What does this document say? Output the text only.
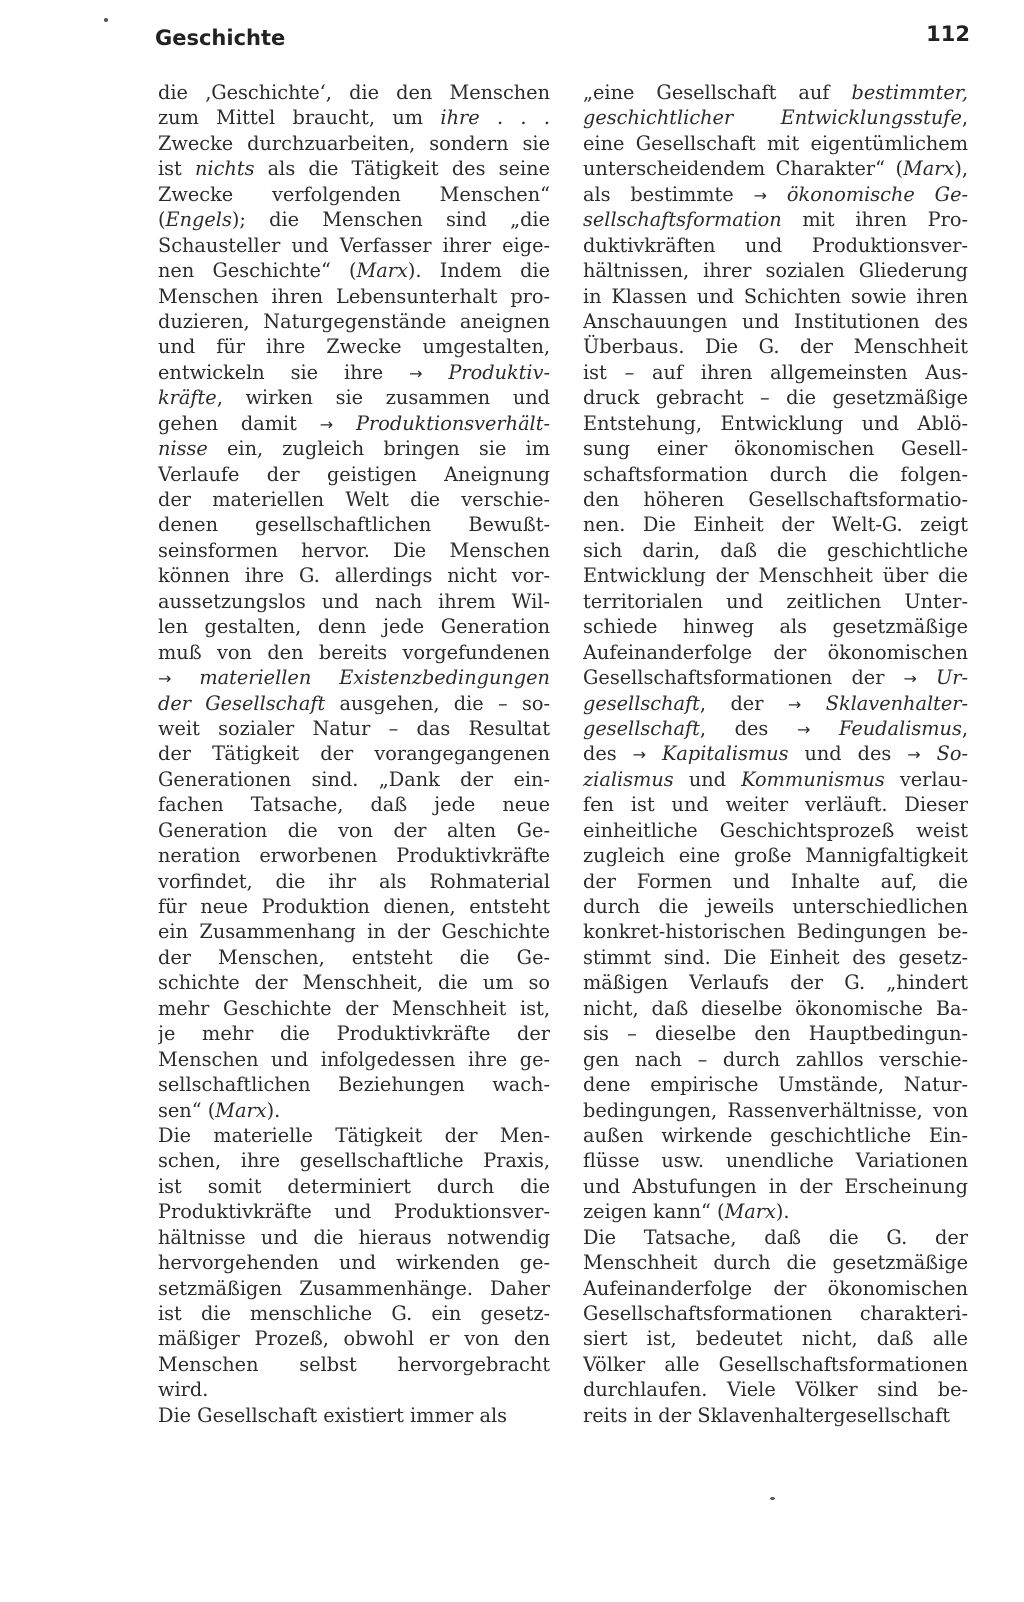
Geschichte	112
die ‚Geschichte‘, die den Menschen
zum Mittel braucht, um ihre . . .
Zwecke durchzuarbeiten, sondern sie
ist nichts als die Tätigkeit des seine
Zwecke verfolgenden Menschen“
(Engels); die Menschen sind „die
Schausteller und Verfasser ihrer eige-
nen Geschichte“ (Marx). Indem die
Menschen ihren Lebensunterhalt pro-
duzieren, Naturgegenstände aneignen
und für ihre Zwecke umgestalten,
entwickeln sie ihre → Produktiv-
kräfte, wirken sie zusammen und
gehen damit → Produktionsverhält-
nisse ein, zugleich bringen sie im
Verlaufe der geistigen Aneignung
der materiellen Welt die verschie-
denen gesellschaftlichen Bewußt-
seinsformen hervor. Die Menschen
können ihre G. allerdings nicht vor-
aussetzungslos und nach ihrem Wil-
len gestalten, denn jede Generation
muß von den bereits vorgefundenen
→ materiellen Existenzbedingungen
der Gesellschaft ausgehen, die – so-
weit sozialer Natur – das Resultat
der Tätigkeit der vorangegangenen
Generationen sind. „Dank der ein-
fachen Tatsache, daß jede neue
Generation die von der alten Ge-
neration erworbenen Produktivkräfte
vorfindet, die ihr als Rohmaterial
für neue Produktion dienen, entsteht
ein Zusammenhang in der Geschichte
der Menschen, entsteht die Ge-
schichte der Menschheit, die um so
mehr Geschichte der Menschheit ist,
je mehr die Produktivkräfte der
Menschen und infolgedessen ihre ge-
sellschaftlichen Beziehungen wach-
sen“ (Marx).
Die materielle Tätigkeit der Men-
schen, ihre gesellschaftliche Praxis,
ist somit determiniert durch die
Produktivkräfte und Produktionsver-
hältnisse und die hieraus notwendig
hervorgehenden und wirkenden ge-
setzmäßigen Zusammenhänge. Daher
ist die menschliche G. ein gesetz-
mäßiger Prozeß, obwohl er von den
Menschen selbst hervorgebracht
wird.
Die Gesellschaft existiert immer als
„eine Gesellschaft auf bestimmter,
geschichtlicher Entwicklungsstufe,
eine Gesellschaft mit eigentümlichem
unterscheidendem Charakter“ (Marx),
als bestimmte → ökonomische Ge-
sellschaftsformation mit ihren Pro-
duktivkräften und Produktionsver-
hältnissen, ihrer sozialen Gliederung
in Klassen und Schichten sowie ihren
Anschauungen und Institutionen des
Überbaus. Die G. der Menschheit
ist – auf ihren allgemeinsten Aus-
druck gebracht – die gesetzmäßige
Entstehung, Entwicklung und Ablö-
sung einer ökonomischen Gesell-
schaftsformation durch die folgen-
den höheren Gesellschaftsformatio-
nen. Die Einheit der Welt-G. zeigt
sich darin, daß die geschichtliche
Entwicklung der Menschheit über die
territorialen und zeitlichen Unter-
schiede hinweg als gesetzmäßige
Aufeinanderfolge der ökonomischen
Gesellschaftsformationen der → Ur-
gesellschaft, der → Sklavenhalter-
gesellschaft, des → Feudalismus,
des → Kapitalismus und des → So-
zialismus und Kommunismus verlau-
fen ist und weiter verläuft. Dieser
einheitliche Geschichtsprozeß weist
zugleich eine große Mannigfaltigkeit
der Formen und Inhalte auf, die
durch die jeweils unterschiedlichen
konkret-historischen Bedingungen be-
stimmt sind. Die Einheit des gesetz-
mäßigen Verlaufs der G. „hindert
nicht, daß dieselbe ökonomische Ba-
sis – dieselbe den Hauptbedingun-
gen nach – durch zahllos verschie-
dene empirische Umstände, Natur-
bedingungen, Rassenverhältnisse, von
außen wirkende geschichtliche Ein-
flüsse usw. unendliche Variationen
und Abstufungen in der Erscheinung
zeigen kann“ (Marx).
Die Tatsache, daß die G. der
Menschheit durch die gesetzmäßige
Aufeinanderfolge der ökonomischen
Gesellschaftsformationen charakteri-
siert ist, bedeutet nicht, daß alle
Völker alle Gesellschaftsformationen
durchlaufen. Viele Völker sind be-
reits in der Sklavenhaltergesellschaft
